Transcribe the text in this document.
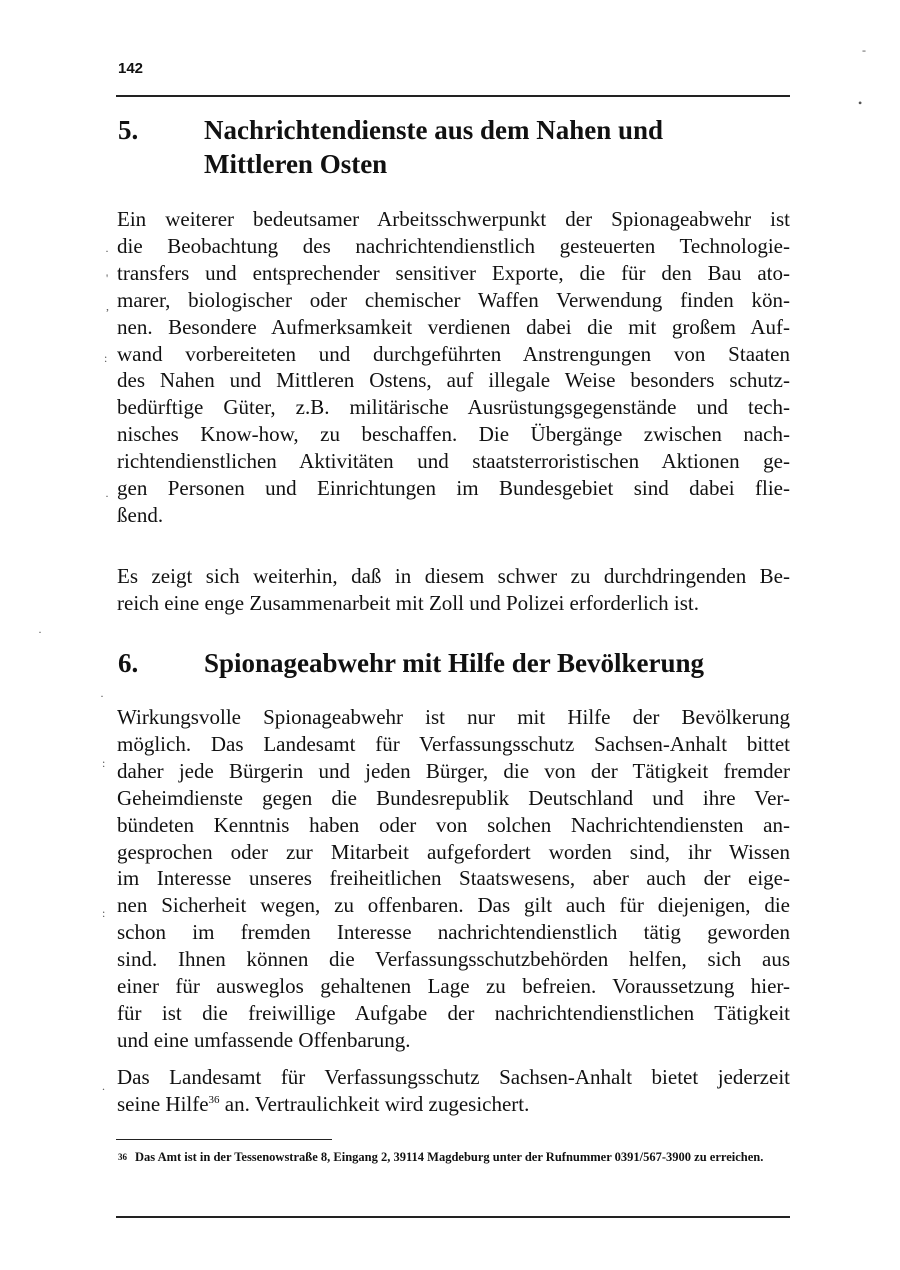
142
5.	Nachrichtendienste aus dem Nahen und
Mittleren Osten
Ein weiterer bedeutsamer Arbeitsschwerpunkt der Spionageabwehr ist
die Beobachtung des nachrichtendienstlich gesteuerten Technologie-
transfers und entsprechender sensitiver Exporte, die für den Bau ato-
marer, biologischer oder chemischer Waffen Verwendung finden kön-
nen. Besondere Aufmerksamkeit verdienen dabei die mit großem Auf-
wand vorbereiteten und durchgeführten Anstrengungen von Staaten
des Nahen und Mittleren Ostens, auf illegale Weise besonders schutz-
bedürftige Güter, z.B. militärische Ausrüstungsgegenstände und tech-
nisches Know-how, zu beschaffen. Die Übergänge zwischen nach-
richtendienstlichen Aktivitäten und staatsterroristischen Aktionen ge-
gen Personen und Einrichtungen im Bundesgebiet sind dabei flie-
ßend.
Es zeigt sich weiterhin, daß in diesem schwer zu durchdringenden Be-
reich eine enge Zusammenarbeit mit Zoll und Polizei erforderlich ist.
6.	Spionageabwehr mit Hilfe der Bevölkerung
Wirkungsvolle Spionageabwehr ist nur mit Hilfe der Bevölkerung
möglich. Das Landesamt für Verfassungsschutz Sachsen-Anhalt bittet
daher jede Bürgerin und jeden Bürger, die von der Tätigkeit fremder
Geheimdienste gegen die Bundesrepublik Deutschland und ihre Ver-
bündeten Kenntnis haben oder von solchen Nachrichtendiensten an-
gesprochen oder zur Mitarbeit aufgefordert worden sind, ihr Wissen
im Interesse unseres freiheitlichen Staatswesens, aber auch der eige-
nen Sicherheit wegen, zu offenbaren. Das gilt auch für diejenigen, die
schon im fremden Interesse nachrichtendienstlich tätig geworden
sind. Ihnen können die Verfassungsschutzbehörden helfen, sich aus
einer für ausweglos gehaltenen Lage zu befreien. Voraussetzung hier-
für ist die freiwillige Aufgabe der nachrichtendienstlichen Tätigkeit
und eine umfassende Offenbarung.
Das Landesamt für Verfassungsschutz Sachsen-Anhalt bietet jederzeit
seine Hilfe$^{36}$ an. Vertraulichkeit wird zugesichert.
36 Das Amt ist in der Tessenowstraße 8, Eingang 2, 39114 Magdeburg unter der Rufnummer 0391/567-3900 zu erreichen.
-
•
·
'
,
:
·
·
·
:
:
.
